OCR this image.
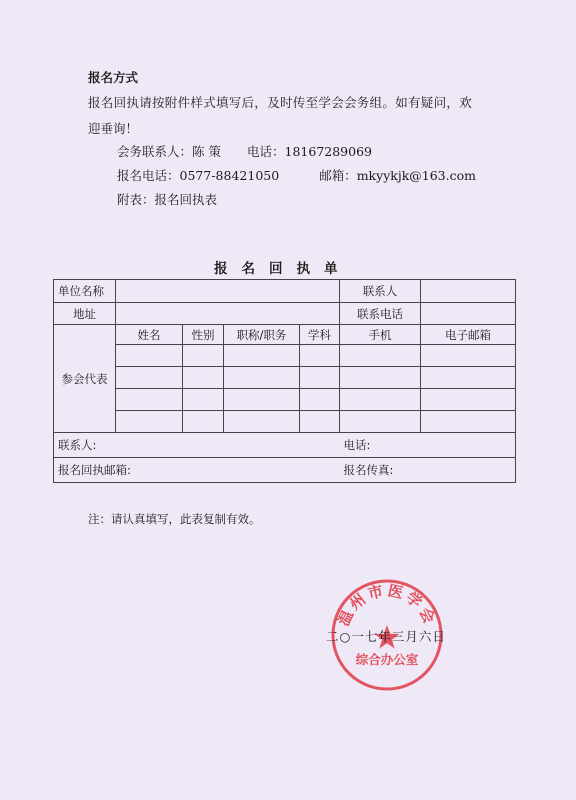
报名方式
报名回执请按附件样式填写后，及时传至学会会务组。如有疑问，欢
迎垂询！
会务联系人：陈 策 电话：18167289069
报名电话：0577-88421050	邮箱：mkyykjk@163.com
附表：报名回执表
报名回执单
单位名称					联系人	
地址					联系电话	
参会代表	姓名	性别	职称/职务	学科	手机	电子邮箱

联系人:					电话:	
报名回执邮箱:					报名传真:	
注：请认真填写，此表复制有效。
温州市医学会
综合办公室
二○一七年三月六日
